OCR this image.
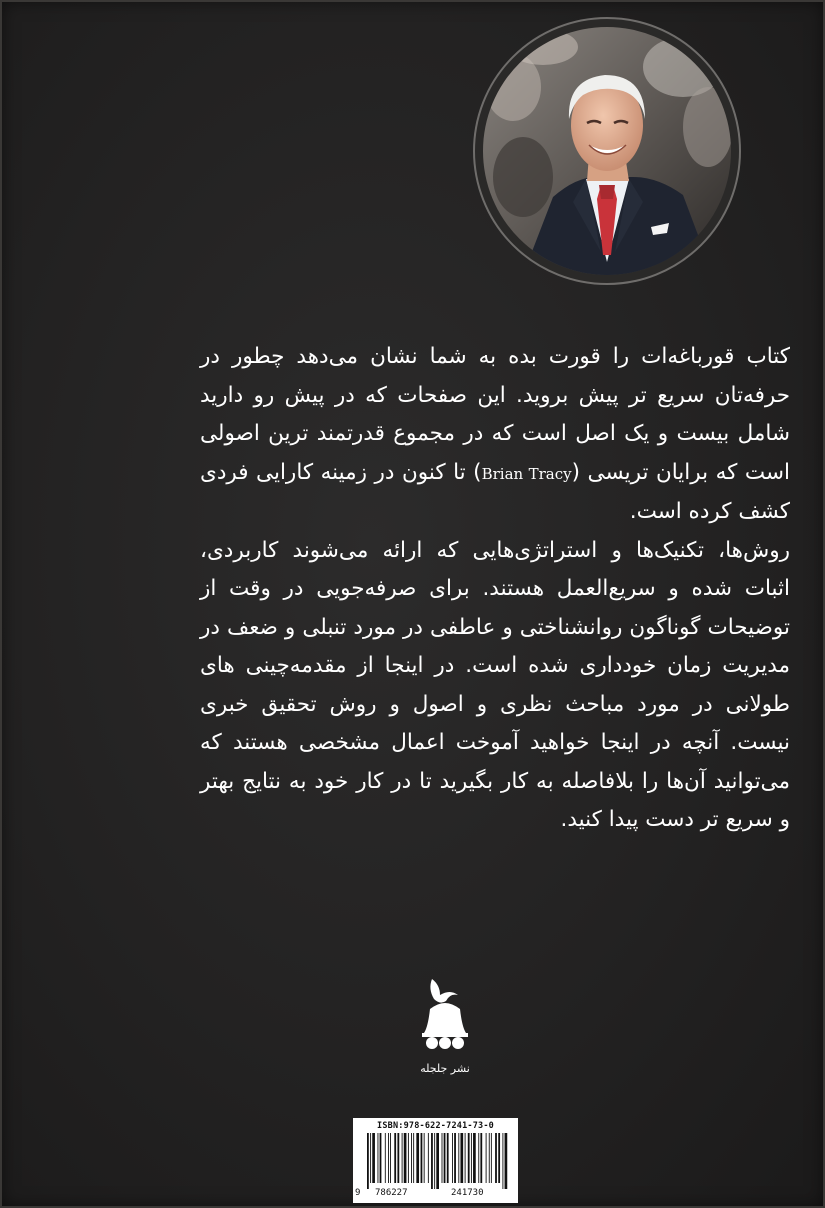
کتاب قورباغه‌ات را قورت بده به شما نشان می‌دهد چطور در حرفه‌تان سریع تر پیش بروید. این صفحات که در پیش رو دارید شامل بیست و یک اصل است که در مجموع قدرتمند ترین اصولی است که برایان تریسی (Brian Tracy) تا کنون در زمینه کارایی فردی کشف کرده است.

روش‌ها، تکنیک‌ها و استراتژی‌هایی که ارائه می‌شوند کاربردی، اثبات شده و سریع‌العمل هستند. برای صرفه‌جویی در وقت از توضیحات گوناگون روانشناختی و عاطفی در مورد تنبلی و ضعف در مدیریت زمان خودداری شده است. در اینجا از مقدمه‌چینی های طولانی در مورد مباحث نظری و اصول و روش تحقیق خبری نیست. آنچه در اینجا خواهید آموخت اعمال مشخصی هستند که می‌توانید آن‌ها را بلافاصله به کار بگیرید تا در کار خود به نتایج بهتر و سریع تر دست پیدا کنید.

نشر جلجله
ISBN:978-622-7241-73-0
9 786227	241730
